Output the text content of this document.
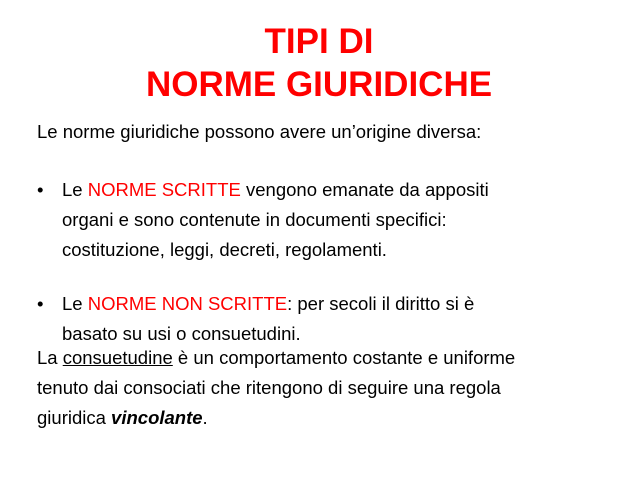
TIPI DI
NORME GIURIDICHE
Le norme giuridiche possono avere un’origine diversa:
• Le NORME SCRITTE vengono emanate da appositi
organi e sono contenute in documenti specifici:
costituzione, leggi, decreti, regolamenti.
• Le NORME NON SCRITTE: per secoli il diritto si è
basato su usi o consuetudini.
La consuetudine è un comportamento costante e uniforme
tenuto dai consociati che ritengono di seguire una regola
giuridica vincolante.
